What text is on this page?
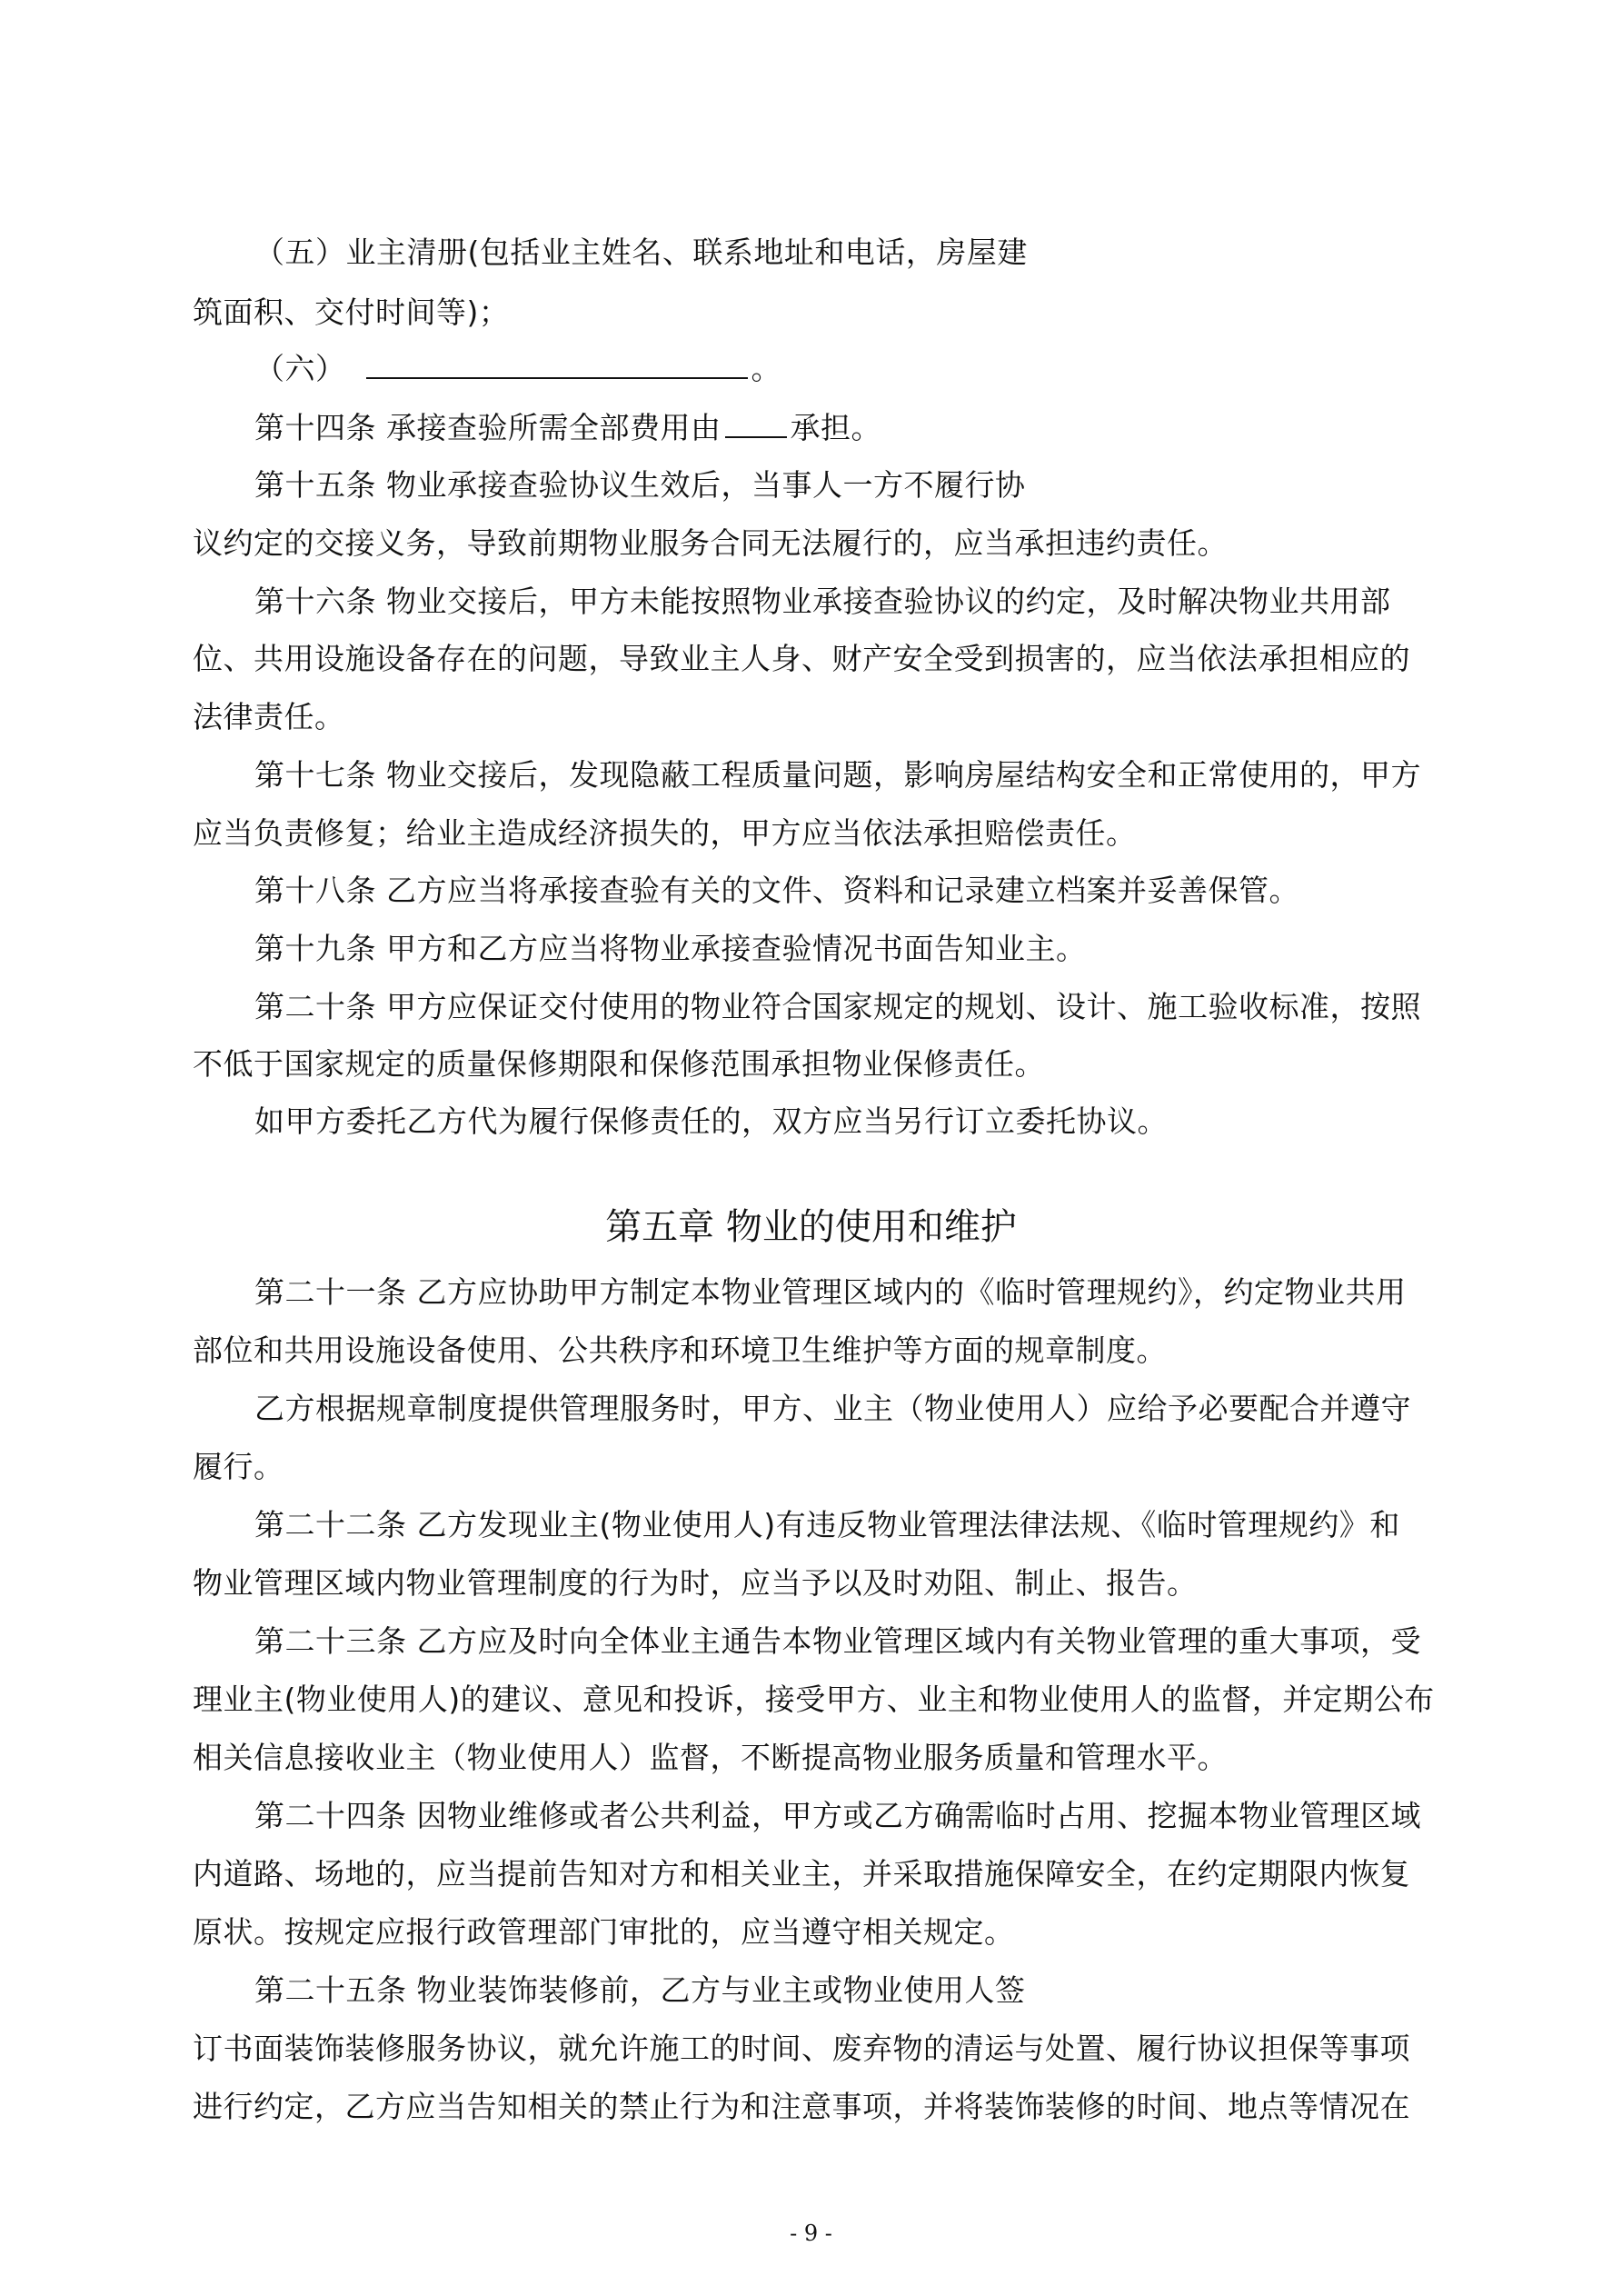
（五）业主清册(包括业主姓名、联系地址和电话，房屋建
筑面积、交付时间等)；
（六）	。
第十四条 承接查验所需全部费用由 承担。
第十五条 物业承接查验协议生效后，当事人一方不履行协
议约定的交接义务，导致前期物业服务合同无法履行的，应当承担违约责任。
第十六条 物业交接后，甲方未能按照物业承接查验协议的约定，及时解决物业共用部
位、共用设施设备存在的问题，导致业主人身、财产安全受到损害的，应当依法承担相应的
法律责任。
第十七条 物业交接后，发现隐蔽工程质量问题，影响房屋结构安全和正常使用的，甲方
应当负责修复；给业主造成经济损失的，甲方应当依法承担赔偿责任。
第十八条 乙方应当将承接查验有关的文件、资料和记录建立档案并妥善保管。
第十九条 甲方和乙方应当将物业承接查验情况书面告知业主。
第二十条 甲方应保证交付使用的物业符合国家规定的规划、设计、施工验收标准，按照
不低于国家规定的质量保修期限和保修范围承担物业保修责任。
如甲方委托乙方代为履行保修责任的，双方应当另行订立委托协议。
第五章 物业的使用和维护
第二十一条 乙方应协助甲方制定本物业管理区域内的《临时管理规约》，约定物业共用
部位和共用设施设备使用、公共秩序和环境卫生维护等方面的规章制度。
乙方根据规章制度提供管理服务时，甲方、业主（物业使用人）应给予必要配合并遵守
履行。
第二十二条 乙方发现业主(物业使用人)有违反物业管理法律法规、《临时管理规约》和
物业管理区域内物业管理制度的行为时，应当予以及时劝阻、制止、报告。
第二十三条 乙方应及时向全体业主通告本物业管理区域内有关物业管理的重大事项，受
理业主(物业使用人)的建议、意见和投诉，接受甲方、业主和物业使用人的监督，并定期公布
相关信息接收业主（物业使用人）监督，不断提高物业服务质量和管理水平。
第二十四条 因物业维修或者公共利益，甲方或乙方确需临时占用、挖掘本物业管理区域
内道路、场地的，应当提前告知对方和相关业主，并采取措施保障安全，在约定期限内恢复
原状。按规定应报行政管理部门审批的，应当遵守相关规定。
第二十五条 物业装饰装修前，乙方与业主或物业使用人签
订书面装饰装修服务协议，就允许施工的时间、废弃物的清运与处置、履行协议担保等事项
进行约定，乙方应当告知相关的禁止行为和注意事项，并将装饰装修的时间、地点等情况在
- 9 -
